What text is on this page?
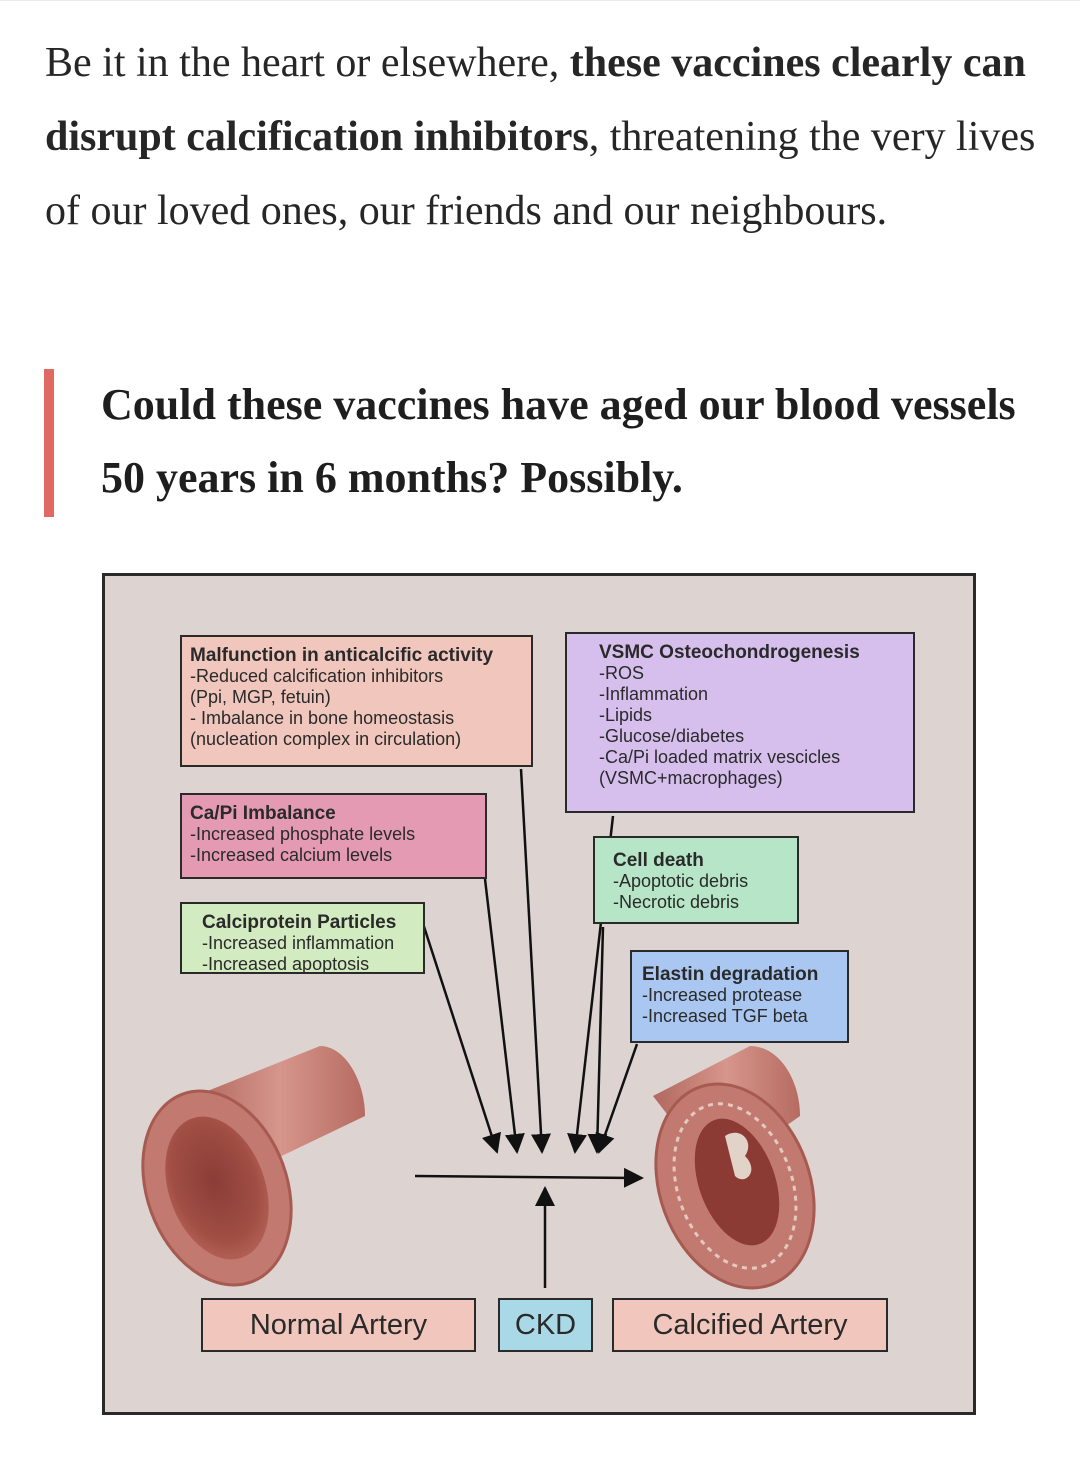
Be it in the heart or elsewhere, these vaccines clearly can disrupt calcification inhibitors, threatening the very lives of our loved ones, our friends and our neighbours.

Could these vaccines have aged our blood vessels 50 years in 6 months? Possibly.

Malfunction in anticalcific activity
-Reduced calcification inhibitors
(Ppi, MGP, fetuin)
- Imbalance in bone homeostasis
(nucleation complex in circulation)
Ca/Pi Imbalance
-Increased phosphate levels
-Increased calcium levels
Calciprotein Particles
-Increased inflammation
-Increased apoptosis
VSMC Osteochondrogenesis
-ROS
-Inflammation
-Lipids
-Glucose/diabetes
-Ca/Pi loaded matrix vescicles
(VSMC+macrophages)
Cell death
-Apoptotic debris
-Necrotic debris
Elastin degradation
-Increased protease
-Increased TGF beta
Normal Artery	CKD	Calcified Artery
